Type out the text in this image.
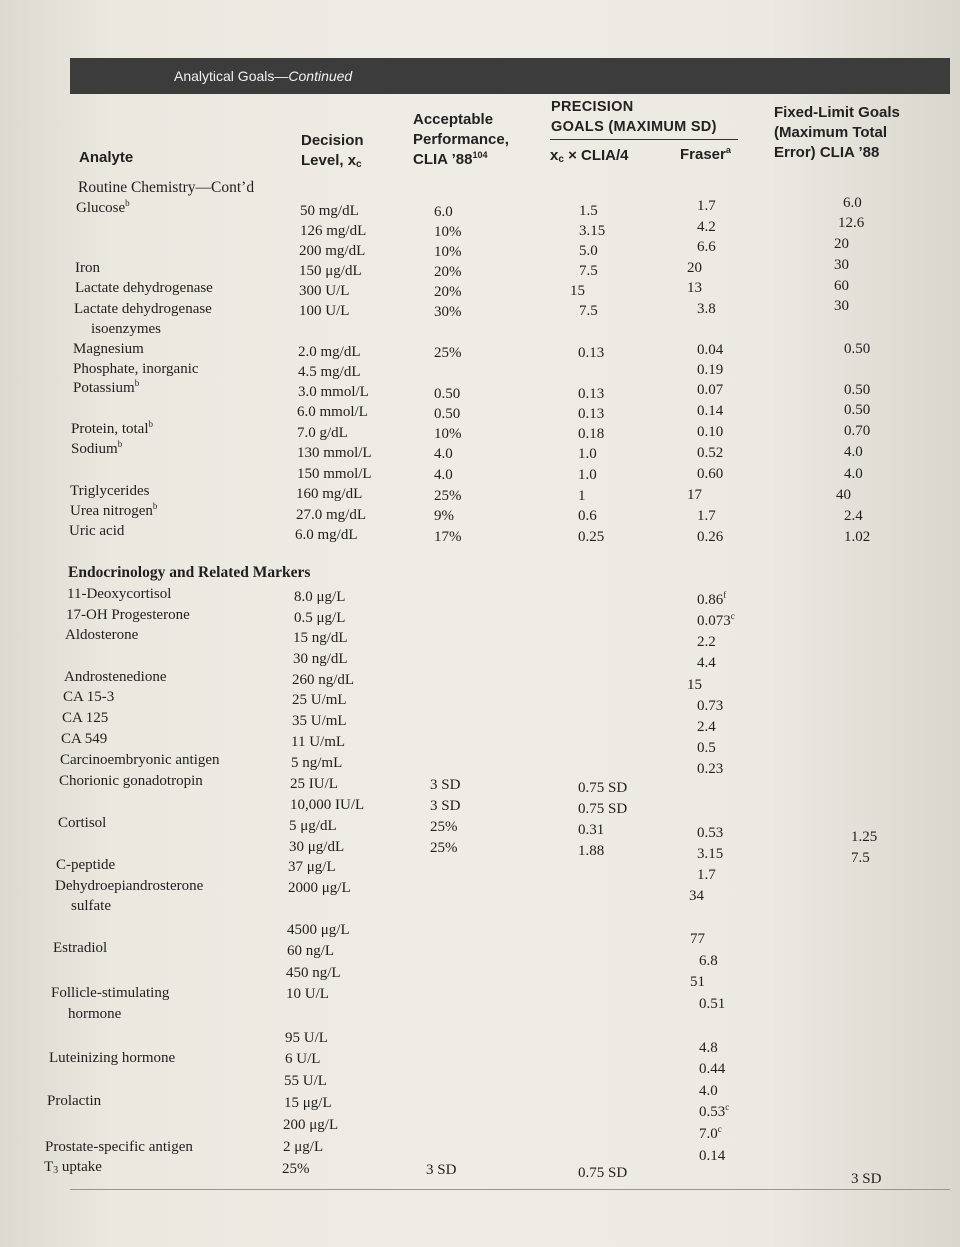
Analytical Goals—Continued
Analyte
Decision
Level, $x_c$
Acceptable
Performance,
CLIA $’88^{104}$
PRECISION
GOALS (MAXIMUM SD)
$x_c$ × CLIA/4	Fraser$^a$
Fixed-Limit Goals
(Maximum Total
Error) CLIA ’88
Routine Chemistry—Cont’d
Endocrinology and Related Markers
Glucose$^b$
Iron
Lactate dehydrogenase
Lactate dehydrogenase
isoenzymes
Magnesium
Phosphate, inorganic
Potassium$^b$
Protein, total$^b$
Sodium$^b$
Triglycerides
Urea nitrogen$^b$
Uric acid
11-Deoxycortisol
17-OH Progesterone
Aldosterone
Androstenedione
CA 15-3
CA 125
CA 549
Carcinoembryonic antigen
Chorionic gonadotropin
Cortisol
C-peptide
Dehydroepiandrosterone
sulfate
Estradiol
Follicle-stimulating
hormone
Luteinizing hormone
Prolactin
Prostate-specific antigen
$T_3$ uptake
50 mg/dL
126 mg/dL
200 mg/dL
150 μg/dL
300 U/L
100 U/L
2.0 mg/dL
4.5 mg/dL
3.0 mmol/L
6.0 mmol/L
7.0 g/dL
130 mmol/L
150 mmol/L
160 mg/dL
27.0 mg/dL
6.0 mg/dL
8.0 μg/L
0.5 μg/L
15 ng/dL
30 ng/dL
260 ng/dL
25 U/mL
35 U/mL
11 U/mL
5 ng/mL
25 IU/L
10,000 IU/L
5 μg/dL
30 μg/dL
37 μg/L
2000 μg/L
4500 μg/L
60 ng/L
450 ng/L
10 U/L
95 U/L
6 U/L
55 U/L
15 μg/L
200 μg/L
2 μg/L
25%
6.0
10%
10%
20%
20%
30%
25%
0.50
0.50
10%
4.0
4.0
25%
9%
17%
3 SD
3 SD
25%
25%
3 SD
1.5
3.15
5.0
7.5
15
7.5
0.13
0.13
0.13
0.18
1.0
1.0
1
0.6
0.25
0.75 SD
0.75 SD
0.31
1.88
0.75 SD
1.7
4.2
6.6
20
13
3.8
0.04
0.19
0.07
0.14
0.10
0.52
0.60
17
1.7
0.26
0.86$^f$
0.073$^c$
2.2
4.4
15
0.73
2.4
0.5
0.23
0.53
3.15
1.7
34
77
6.8
51
0.51
4.8
0.44
4.0
0.53$^c$
7.0$^c$
0.14
6.0
12.6
20
30
60
30
0.50
0.50
0.50
0.70
4.0
4.0
40
2.4
1.02
1.25
7.5
3 SD
